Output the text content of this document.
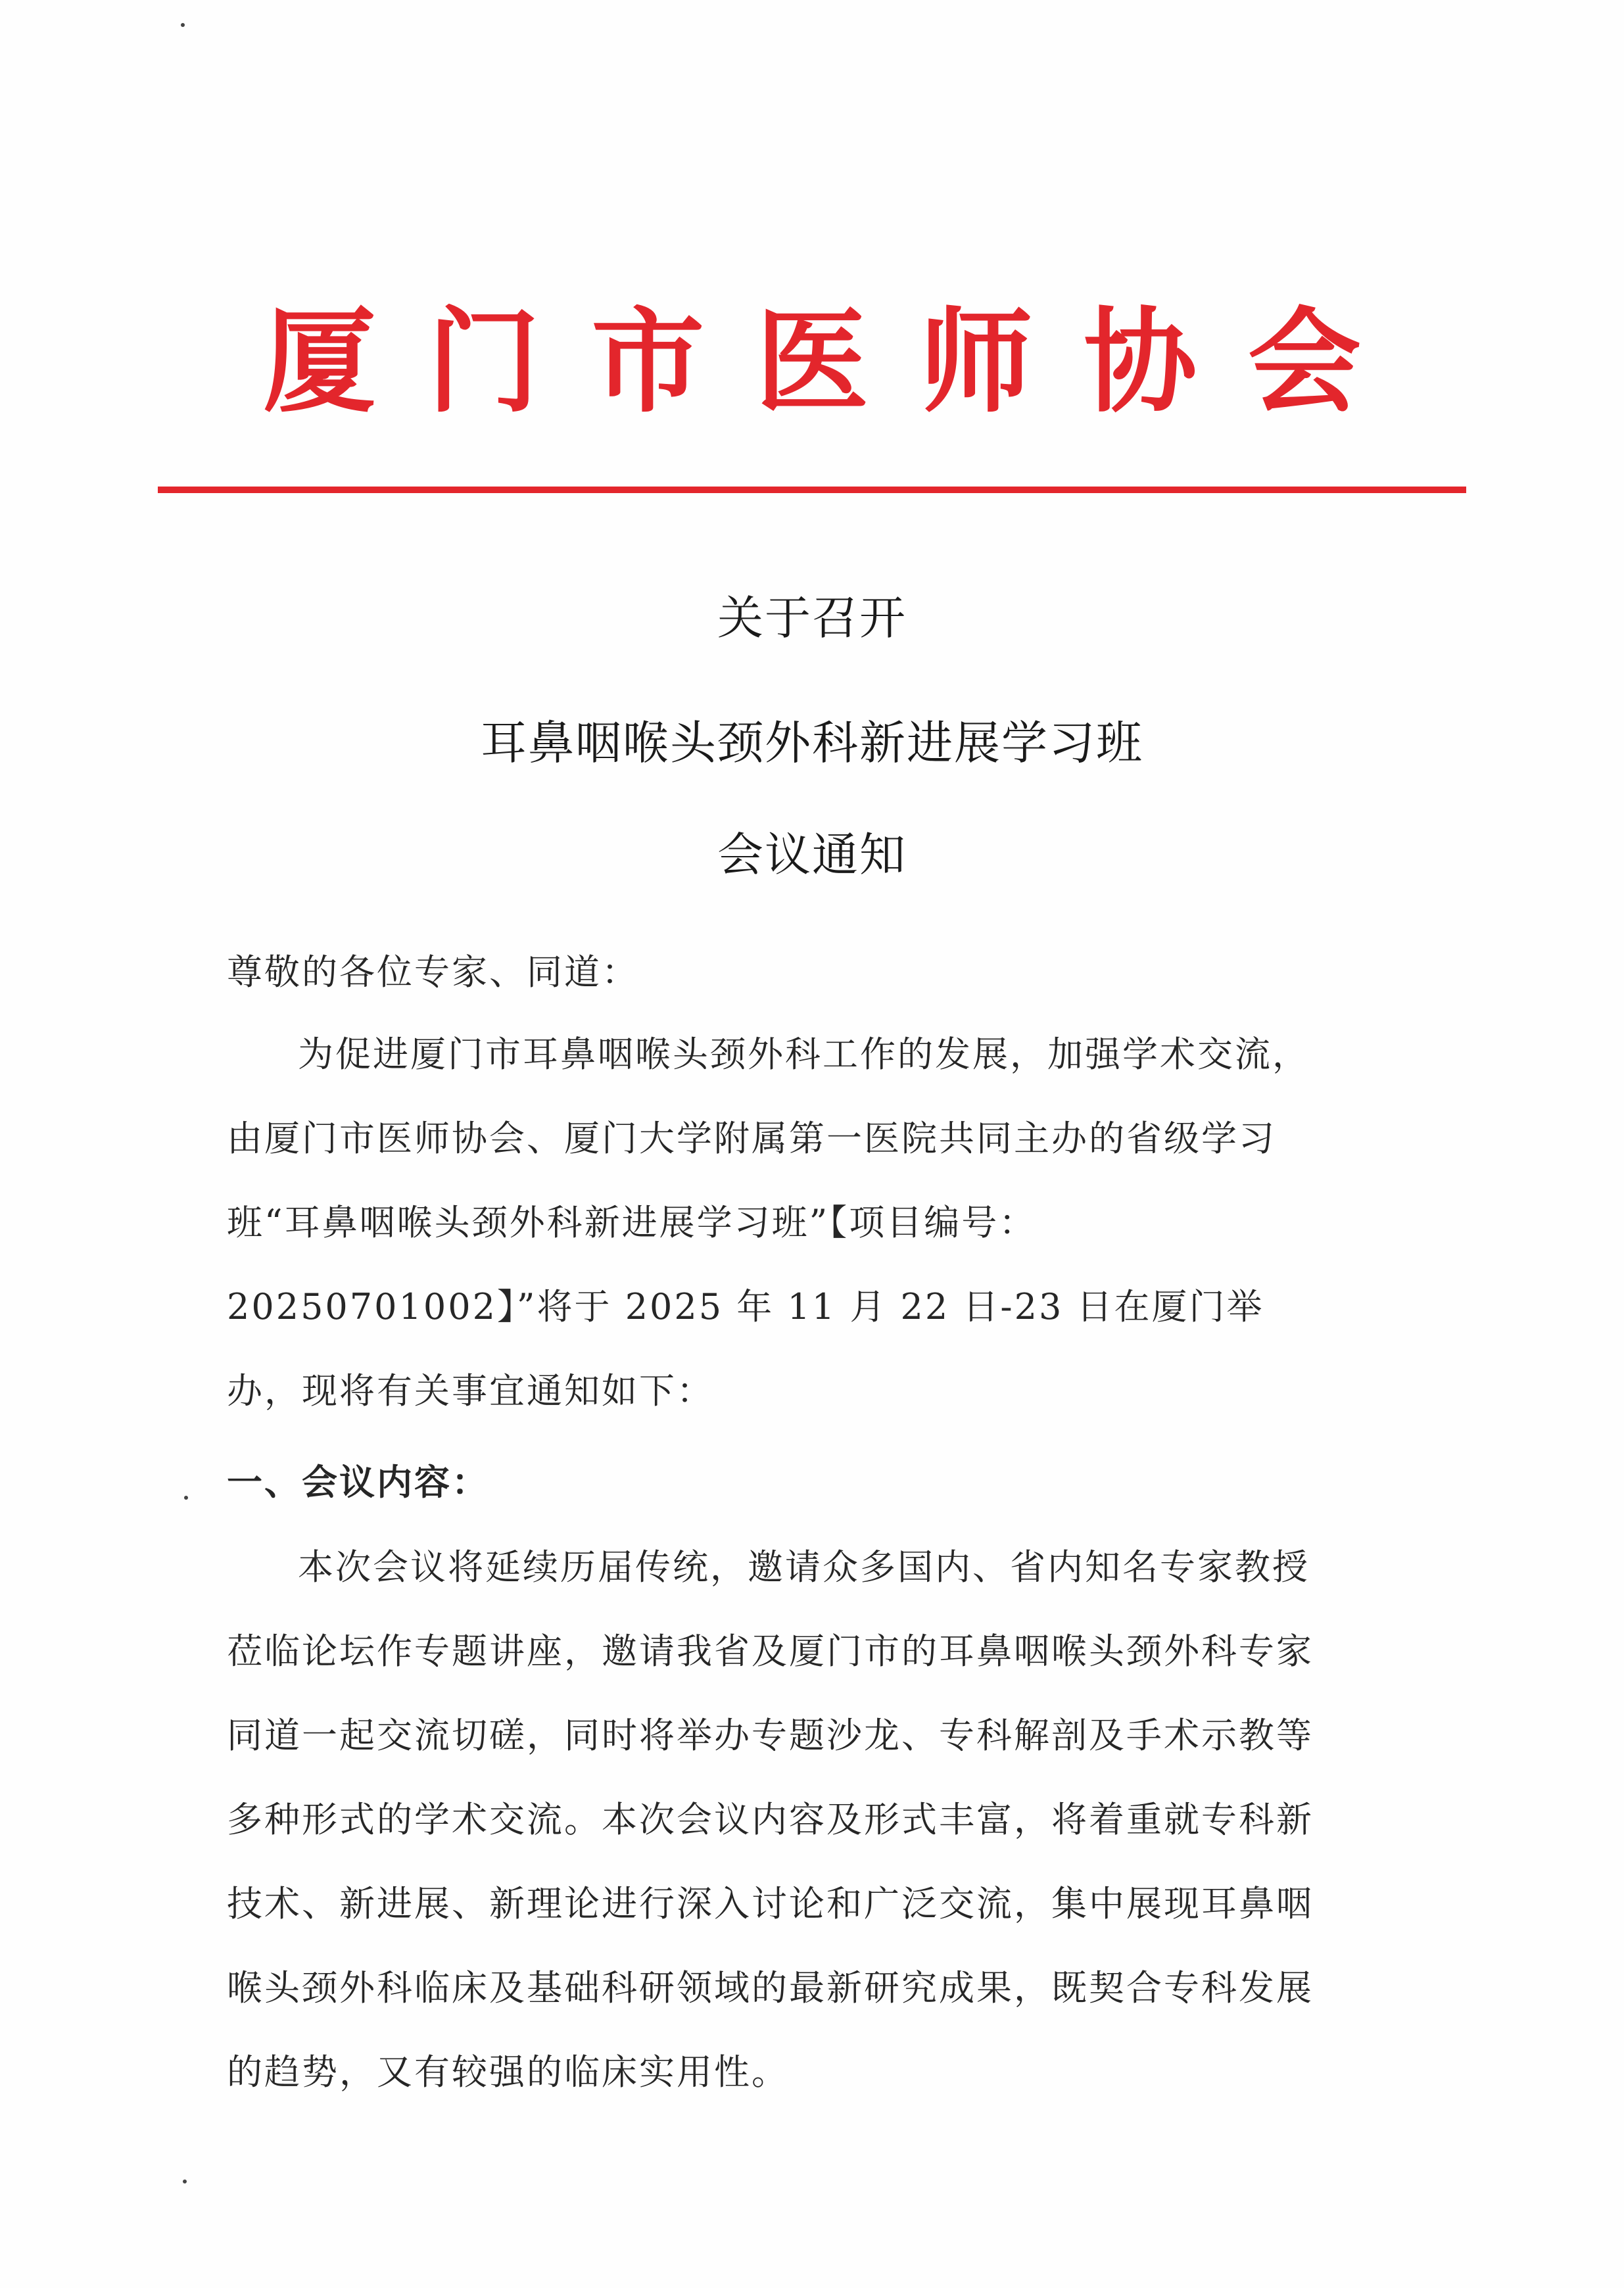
厦 门 市 医 师 协 会
关于召开
耳鼻咽喉头颈外科新进展学习班
会议通知
尊敬的各位专家、同道：

为促进厦门市耳鼻咽喉头颈外科工作的发展，加强学术交流，由厦门市医师协会、厦门大学附属第一医院共同主办的省级学习班“耳鼻咽喉头颈外科新进展学习班”【项目编号：20250701002】”将于 2025 年 11 月 22 日-23 日在厦门举办，现将有关事宜通知如下：

一、会议内容：

本次会议将延续历届传统，邀请众多国内、省内知名专家教授莅临论坛作专题讲座，邀请我省及厦门市的耳鼻咽喉头颈外科专家同道一起交流切磋，同时将举办专题沙龙、专科解剖及手术示教等多种形式的学术交流。本次会议内容及形式丰富，将着重就专科新技术、新进展、新理论进行深入讨论和广泛交流，集中展现耳鼻咽喉头颈外科临床及基础科研领域的最新研究成果，既契合专科发展的趋势，又有较强的临床实用性。
